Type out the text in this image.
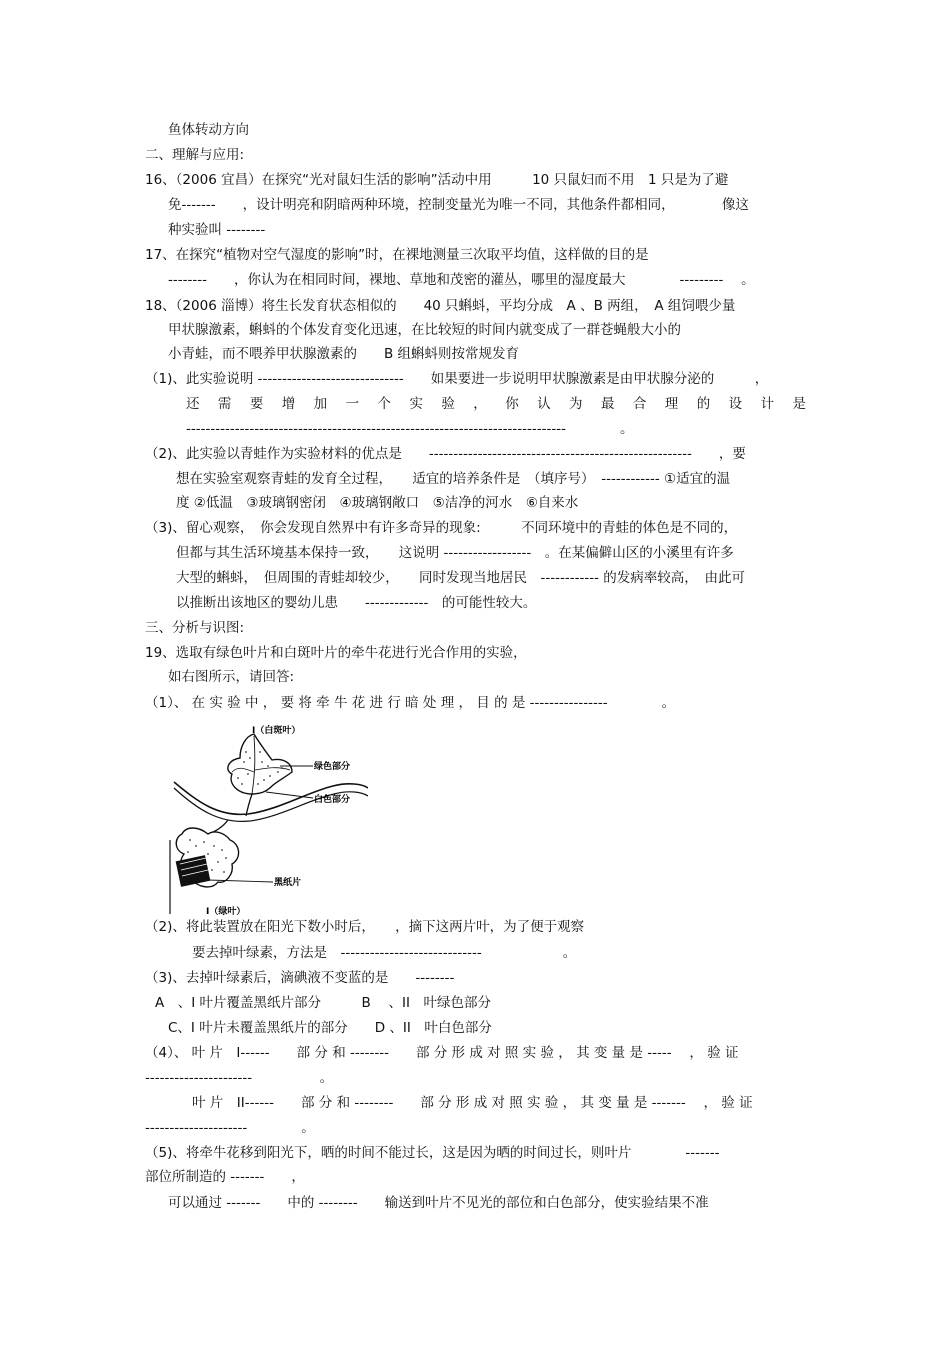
鱼体转动方向
二、理解与应用:
16、（2006 宜昌）在探究“光对鼠妇生活的影响”活动中用　　　10 只鼠妇而不用　1 只是为了避
免-------　　，设计明亮和阴暗两种环境，控制变量光为唯一不同，其他条件都相同，　　　　像这
种实验叫 --------
17、在探究“植物对空气湿度的影响”时，在裸地测量三次取平均值，这样做的目的是
--------　　，你认为在相同时间，裸地、草地和茂密的灌丛，哪里的湿度最大　　　　---------　 。
18、（2006 淄博）将生长发育状态相似的　　40 只蝌蚪，平均分成　A 、B 两组，　A 组饲喂少量
甲状腺激素，蝌蚪的个体发育变化迅速，在比较短的时间内就变成了一群苍蝇般大小的
小青蛙，而不喂养甲状腺激素的　　B 组蝌蚪则按常规发育
（1)、此实验说明 ------------------------------　　如果要进一步说明甲状腺激素是由甲状腺分泌的　　　，
还 需 要 增 加 一 个 实 验 ， 你 认 为 最 合 理 的 设 计 是
------------------------------------------------------------------------------　　　　。
（2)、此实验以青蛙作为实验材料的优点是　　------------------------------------------------------　　，要
想在实验室观察青蛙的发育全过程，　　适宜的培养条件是　（填序号）　------------ ①适宜的温
度 ②低温　③玻璃钢密闭　④玻璃钢敞口　⑤洁净的河水　⑥自来水
（3)、留心观察，　你会发现自然界中有许多奇异的现象:　　　不同环境中的青蛙的体色是不同的，
但都与其生活环境基本保持一致，　　这说明 ------------------　。在某偏僻山区的小溪里有许多
大型的蝌蚪，　但周围的青蛙却较少，　　同时发现当地居民　------------ 的发病率较高，　由此可
以推断出该地区的婴幼儿患　　-------------　的可能性较大。
三、分析与识图:
19、选取有绿色叶片和白斑叶片的牵牛花进行光合作用的实验，
如右图所示，请回答:
（1）、 在 实 验 中 ， 要 将 牵 牛 花 进 行 暗 处 理 ， 目 的 是 ----------------　　　　。
I（白斑叶）
绿色部分
白色部分
黑纸片
I（绿叶）
（2)、将此装置放在阳光下数小时后，　　，摘下这两片叶，为了便于观察
要去掉叶绿素，方法是　-----------------------------　　　　　　。
（3)、去掉叶绿素后，滴碘液不变蓝的是　　--------
A　、I 叶片覆盖黑纸片部分　　　B　 、II　叶绿色部分
C、I 叶片未覆盖黑纸片的部分　　D 、II　叶白色部分
（4）、 叶 片　I------　　部 分 和 --------　　部 分 形 成 对 照 实 验 ， 其 变 量 是 -----　 ， 验 证
----------------------　　　　　。
叶 片　II------　　部 分 和 --------　　部 分 形 成 对 照 实 验 ， 其 变 量 是 -------　 ， 验 证
---------------------　　　　。
（5)、将牵牛花移到阳光下，晒的时间不能过长，这是因为晒的时间过长，则叶片　　　　-------
部位所制造的 -------　　，
可以通过 -------　　中的 --------　　输送到叶片不见光的部位和白色部分，使实验结果不准
